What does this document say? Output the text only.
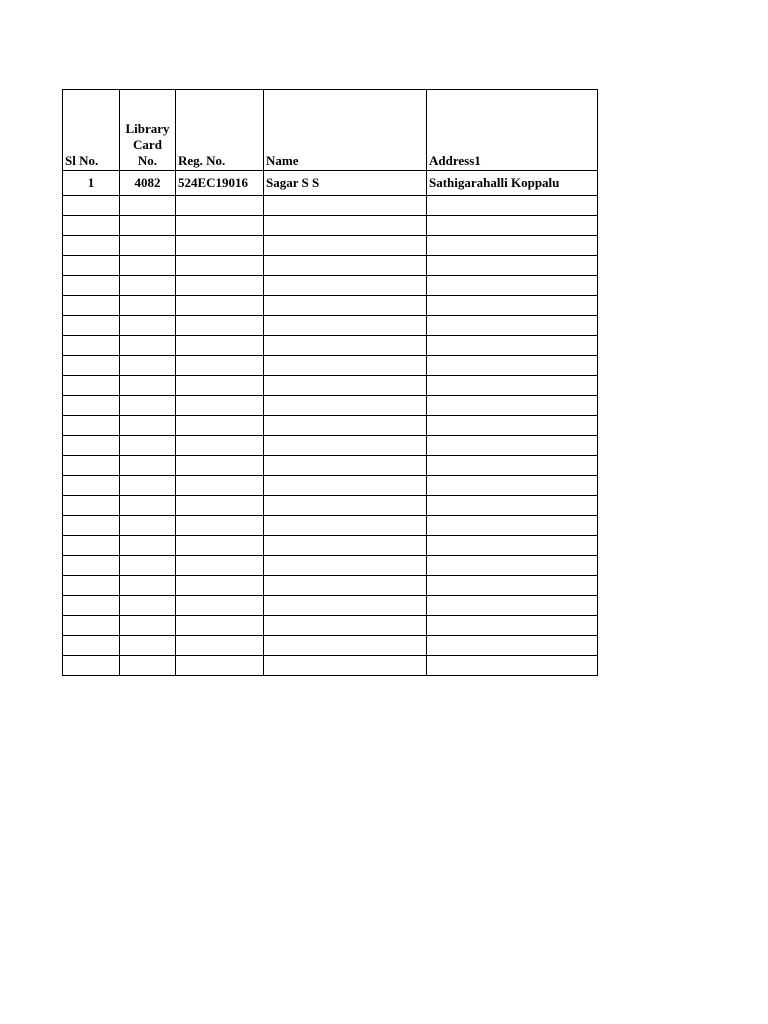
Sl No.	Library
Card
No.	Reg. No.	Name	Address1
1	4082	524EC19016	Sagar S S	Sathigarahalli Koppalu
